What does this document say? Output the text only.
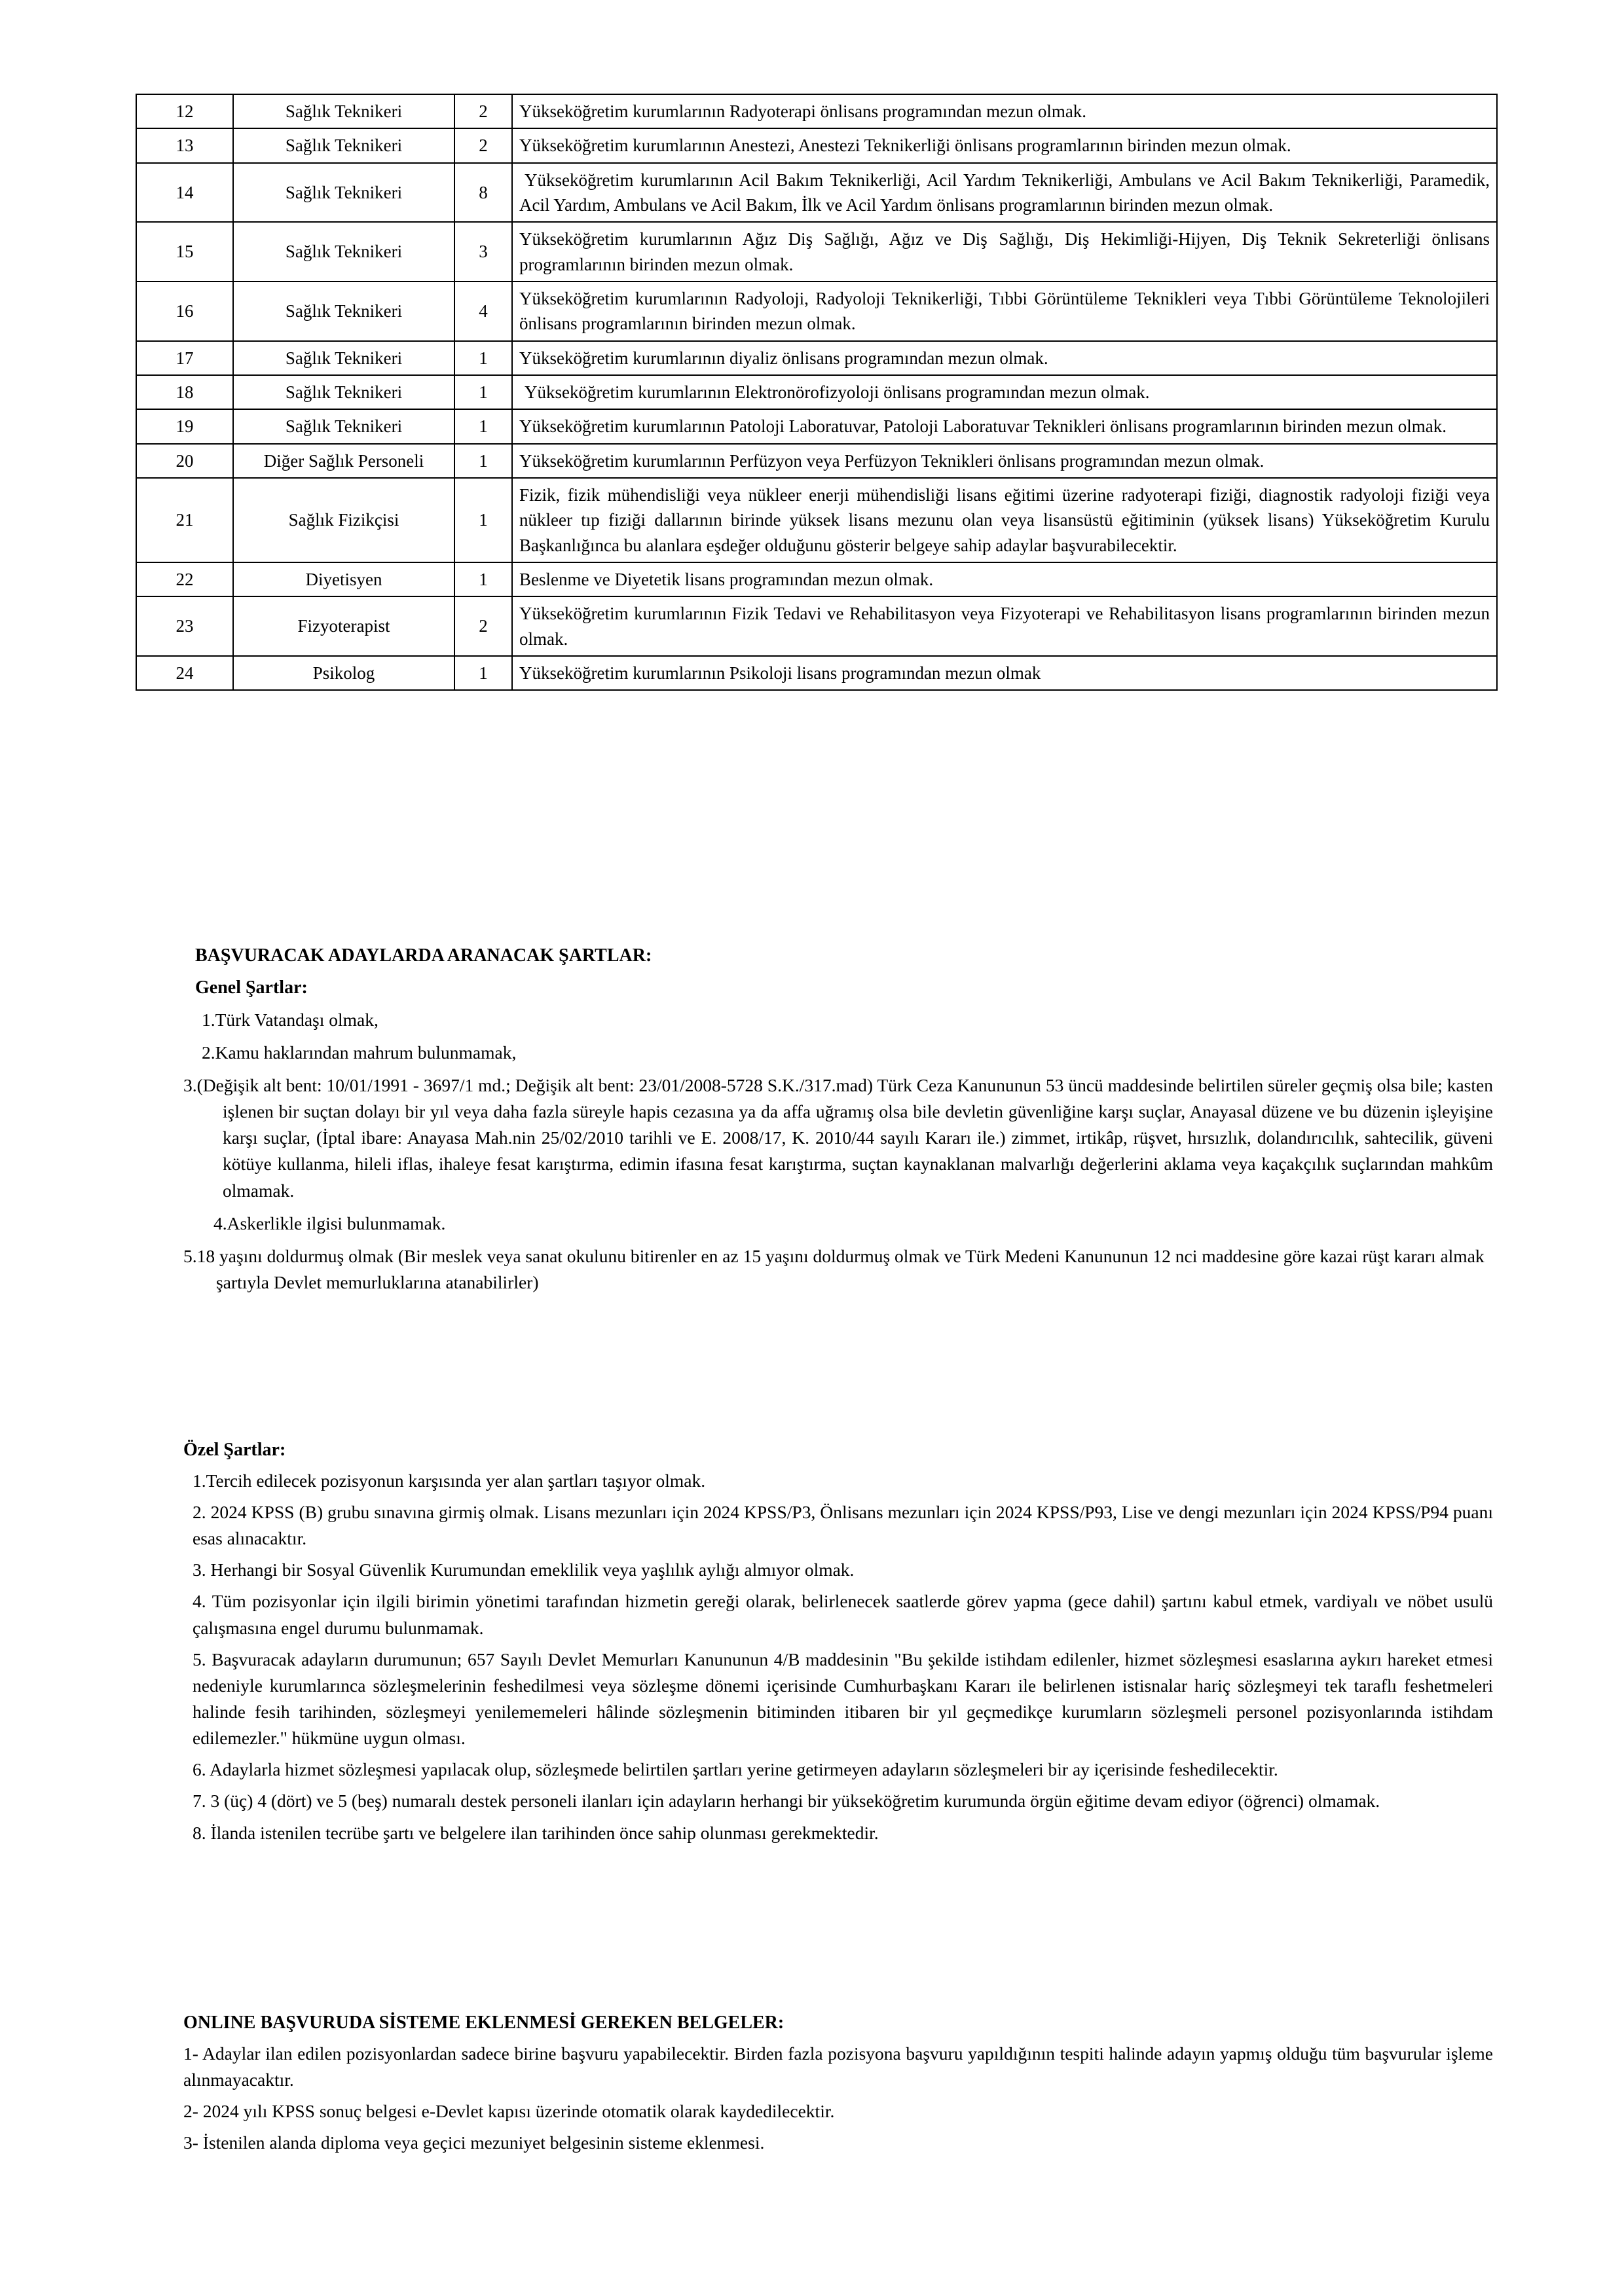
12	Sağlık Teknikeri	2	Yükseköğretim kurumlarının Radyoterapi önlisans programından mezun olmak.
13	Sağlık Teknikeri	2	Yükseköğretim kurumlarının Anestezi, Anestezi Teknikerliği önlisans programlarının birinden mezun olmak.
14	Sağlık Teknikeri	8	Yükseköğretim kurumlarının Acil Bakım Teknikerliği, Acil Yardım Teknikerliği, Ambulans ve Acil Bakım Teknikerliği, Paramedik, Acil Yardım, Ambulans ve Acil Bakım, İlk ve Acil Yardım önlisans programlarının birinden mezun olmak.
15	Sağlık Teknikeri	3	Yükseköğretim kurumlarının Ağız Diş Sağlığı, Ağız ve Diş Sağlığı, Diş Hekimliği-Hijyen, Diş Teknik Sekreterliği önlisans programlarının birinden mezun olmak.
16	Sağlık Teknikeri	4	Yükseköğretim kurumlarının Radyoloji, Radyoloji Teknikerliği, Tıbbi Görüntüleme Teknikleri veya Tıbbi Görüntüleme Teknolojileri önlisans programlarının birinden mezun olmak.
17	Sağlık Teknikeri	1	Yükseköğretim kurumlarının diyaliz önlisans programından mezun olmak.
18	Sağlık Teknikeri	1	Yükseköğretim kurumlarının Elektronörofizyoloji önlisans programından mezun olmak.
19	Sağlık Teknikeri	1	Yükseköğretim kurumlarının Patoloji Laboratuvar, Patoloji Laboratuvar Teknikleri önlisans programlarının birinden mezun olmak.
20	Diğer Sağlık Personeli	1	Yükseköğretim kurumlarının Perfüzyon veya Perfüzyon Teknikleri önlisans programından mezun olmak.
21	Sağlık Fizikçisi	1	Fizik, fizik mühendisliği veya nükleer enerji mühendisliği lisans eğitimi üzerine radyoterapi fiziği, diagnostik radyoloji fiziği veya nükleer tıp fiziği dallarının birinde yüksek lisans mezunu olan veya lisansüstü eğitiminin (yüksek lisans) Yükseköğretim Kurulu Başkanlığınca bu alanlara eşdeğer olduğunu gösterir belgeye sahip adaylar başvurabilecektir.
22	Diyetisyen	1	Beslenme ve Diyetetik lisans programından mezun olmak.
23	Fizyoterapist	2	Yükseköğretim kurumlarının Fizik Tedavi ve Rehabilitasyon veya Fizyoterapi ve Rehabilitasyon lisans programlarının birinden mezun olmak.
24	Psikolog	1	Yükseköğretim kurumlarının Psikoloji lisans programından mezun olmak
BAŞVURACAK ADAYLARDA ARANACAK ŞARTLAR:
Genel Şartlar:

1.Türk Vatandaşı olmak,

2.Kamu haklarından mahrum bulunmamak,

3.(Değişik alt bent: 10/01/1991 - 3697/1 md.; Değişik alt bent: 23/01/2008-5728 S.K./317.mad) Türk Ceza Kanununun 53 üncü maddesinde belirtilen süreler geçmiş olsa bile; kasten işlenen bir suçtan dolayı bir yıl veya daha fazla süreyle hapis cezasına ya da affa uğramış olsa bile devletin güvenliğine karşı suçlar, Anayasal düzene ve bu düzenin işleyişine karşı suçlar, (İptal ibare: Anayasa Mah.nin 25/02/2010 tarihli ve E. 2008/17, K. 2010/44 sayılı Kararı ile.) zimmet, irtikâp, rüşvet, hırsızlık, dolandırıcılık, sahtecilik, güveni kötüye kullanma, hileli iflas, ihaleye fesat karıştırma, edimin ifasına fesat karıştırma, suçtan kaynaklanan malvarlığı değerlerini aklama veya kaçakçılık suçlarından mahkûm olmamak.

4.Askerlikle ilgisi bulunmamak.

5.18 yaşını doldurmuş olmak (Bir meslek veya sanat okulunu bitirenler en az 15 yaşını doldurmuş olmak ve Türk Medeni Kanununun 12 nci maddesine göre kazai rüşt kararı almak şartıyla Devlet memurluklarına atanabilirler)

Özel Şartlar:

1.Tercih edilecek pozisyonun karşısında yer alan şartları taşıyor olmak.

2. 2024 KPSS (B) grubu sınavına girmiş olmak. Lisans mezunları için 2024 KPSS/P3, Önlisans mezunları için 2024 KPSS/P93, Lise ve dengi mezunları için 2024 KPSS/P94 puanı esas alınacaktır.

3. Herhangi bir Sosyal Güvenlik Kurumundan emeklilik veya yaşlılık aylığı almıyor olmak.

4. Tüm pozisyonlar için ilgili birimin yönetimi tarafından hizmetin gereği olarak, belirlenecek saatlerde görev yapma (gece dahil) şartını kabul etmek, vardiyalı ve nöbet usulü çalışmasına engel durumu bulunmamak.

5. Başvuracak adayların durumunun; 657 Sayılı Devlet Memurları Kanununun 4/B maddesinin "Bu şekilde istihdam edilenler, hizmet sözleşmesi esaslarına aykırı hareket etmesi nedeniyle kurumlarınca sözleşmelerinin feshedilmesi veya sözleşme dönemi içerisinde Cumhurbaşkanı Kararı ile belirlenen istisnalar hariç sözleşmeyi tek taraflı feshetmeleri halinde fesih tarihinden, sözleşmeyi yenilememeleri hâlinde sözleşmenin bitiminden itibaren bir yıl geçmedikçe kurumların sözleşmeli personel pozisyonlarında istihdam edilemezler." hükmüne uygun olması.

6. Adaylarla hizmet sözleşmesi yapılacak olup, sözleşmede belirtilen şartları yerine getirmeyen adayların sözleşmeleri bir ay içerisinde feshedilecektir.

7. 3 (üç) 4 (dört) ve 5 (beş) numaralı destek personeli ilanları için adayların herhangi bir yükseköğretim kurumunda örgün eğitime devam ediyor (öğrenci) olmamak.

8. İlanda istenilen tecrübe şartı ve belgelere ilan tarihinden önce sahip olunması gerekmektedir.

ONLINE BAŞVURUDA SİSTEME EKLENMESİ GEREKEN BELGELER:

1- Adaylar ilan edilen pozisyonlardan sadece birine başvuru yapabilecektir. Birden fazla pozisyona başvuru yapıldığının tespiti halinde adayın yapmış olduğu tüm başvurular işleme alınmayacaktır.

2- 2024 yılı KPSS sonuç belgesi e-Devlet kapısı üzerinde otomatik olarak kaydedilecektir.

3- İstenilen alanda diploma veya geçici mezuniyet belgesinin sisteme eklenmesi.
